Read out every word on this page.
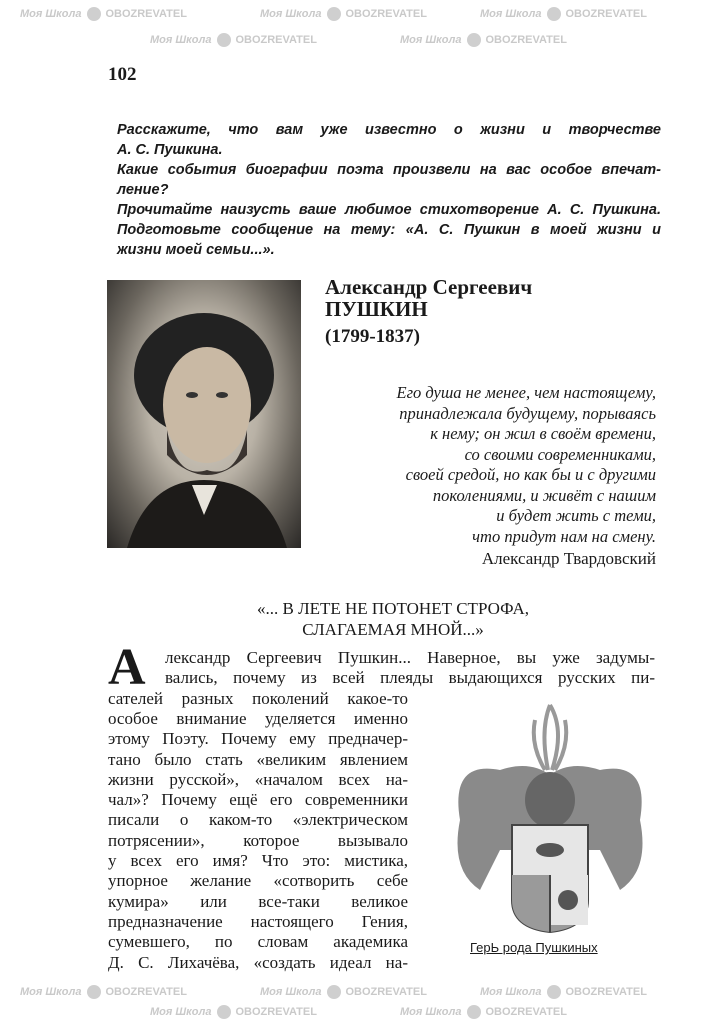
Моя Школа OBOZREVATEL	Моя Школа OBOZREVATEL	Моя Школа OBOZREVATEL
Моя Школа OBOZREVATEL	Моя Школа OBOZREVATEL
Моя Школа OBOZREVATEL	Моя Школа OBOZREVATEL	Моя Школа OBOZREVATEL
Моя Школа OBOZREVATEL	Моя Школа OBOZREVATEL
102
Расскажите, что вам уже известно о жизни и творчестве
А. С. Пушкина.
Какие события биографии поэта произвели на вас особое впечат-
ление?
Прочитайте наизусть ваше любимое стихотворение А. С. Пушкина.
Подготовьте сообщение на тему: «А. С. Пушкин в моей жизни и
жизни моей семьи...».
Александр Сергеевич
ПУШКИН
(1799-1837)
Его душа не менее, чем настоящему,
принадлежала будущему, порываясь
к нему; он жил в своём времени,
со своими современниками,
своей средой, но как бы и с другими
поколениями, и живёт с нашим
и будет жить с теми,
что придут нам на смену.
Александр Твардовский
«... В ЛЕТЕ НЕ ПОТОНЕТ СТРОФА,
СЛАГАЕМАЯ МНОЙ...»
А лександр Сергеевич Пушкин... Наверное, вы уже задумы-
вались, почему из всей плеяды выдающихся русских пи-
сателей разных поколений какое-то
особое внимание уделяется именно
этому Поэту. Почему ему предначер-
тано было стать «великим явлением
жизни русской», «началом всех на-
чал»? Почему ещё его современники
писали о каком-то «электрическом
потрясении», которое вызывало
у всех его имя? Что это: мистика,
упорное желание «сотворить себе
кумира» или все-таки великое
предназначение настоящего Гения,
сумевшего, по словам академика
Д. С. Лихачёва, «создать идеал на-
ГерЬ рода Пушкиных
